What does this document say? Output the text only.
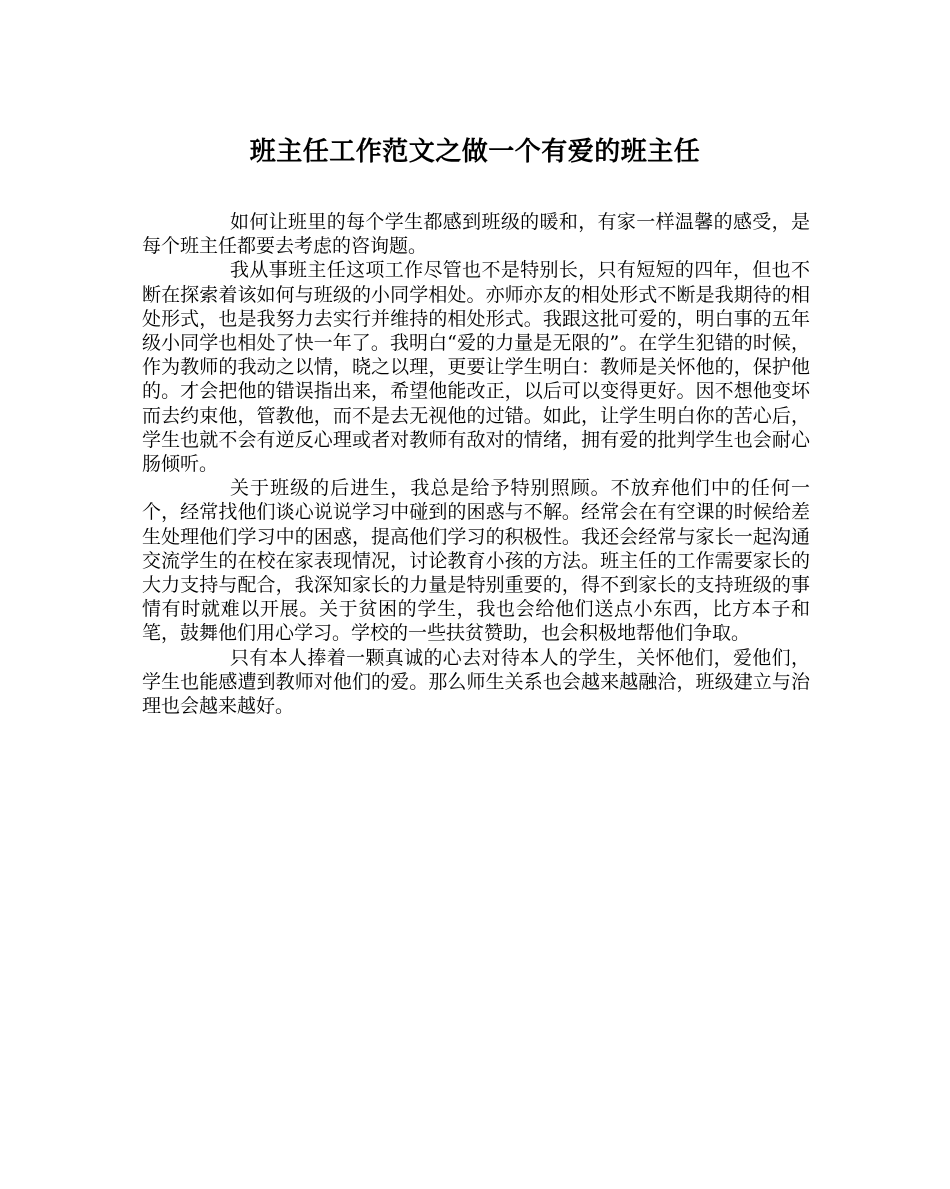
班主任工作范文之做一个有爱的班主任

如何让班里的每个学生都感到班级的暖和，有家一样温馨的感受，是每个班主任都要去考虑的咨询题。

我从事班主任这项工作尽管也不是特别长，只有短短的四年，但也不断在探索着该如何与班级的小同学相处。亦师亦友的相处形式不断是我期待的相处形式，也是我努力去实行并维持的相处形式。我跟这批可爱的，明白事的五年级小同学也相处了快一年了。我明白“爱的力量是无限的”。在学生犯错的时候，作为教师的我动之以情，晓之以理，更要让学生明白：教师是关怀他的，保护他的。才会把他的错误指出来，希望他能改正，以后可以变得更好。因不想他变坏而去约束他，管教他，而不是去无视他的过错。如此，让学生明白你的苦心后，学生也就不会有逆反心理或者对教师有敌对的情绪，拥有爱的批判学生也会耐心肠倾听。

关于班级的后进生，我总是给予特别照顾。不放弃他们中的任何一个，经常找他们谈心说说学习中碰到的困惑与不解。经常会在有空课的时候给差生处理他们学习中的困惑，提高他们学习的积极性。我还会经常与家长一起沟通交流学生的在校在家表现情况，讨论教育小孩的方法。班主任的工作需要家长的大力支持与配合，我深知家长的力量是特别重要的，得不到家长的支持班级的事情有时就难以开展。关于贫困的学生，我也会给他们送点小东西，比方本子和笔，鼓舞他们用心学习。学校的一些扶贫赞助，也会积极地帮他们争取。

只有本人捧着一颗真诚的心去对待本人的学生，关怀他们，爱他们，学生也能感遭到教师对他们的爱。那么师生关系也会越来越融洽，班级建立与治理也会越来越好。
